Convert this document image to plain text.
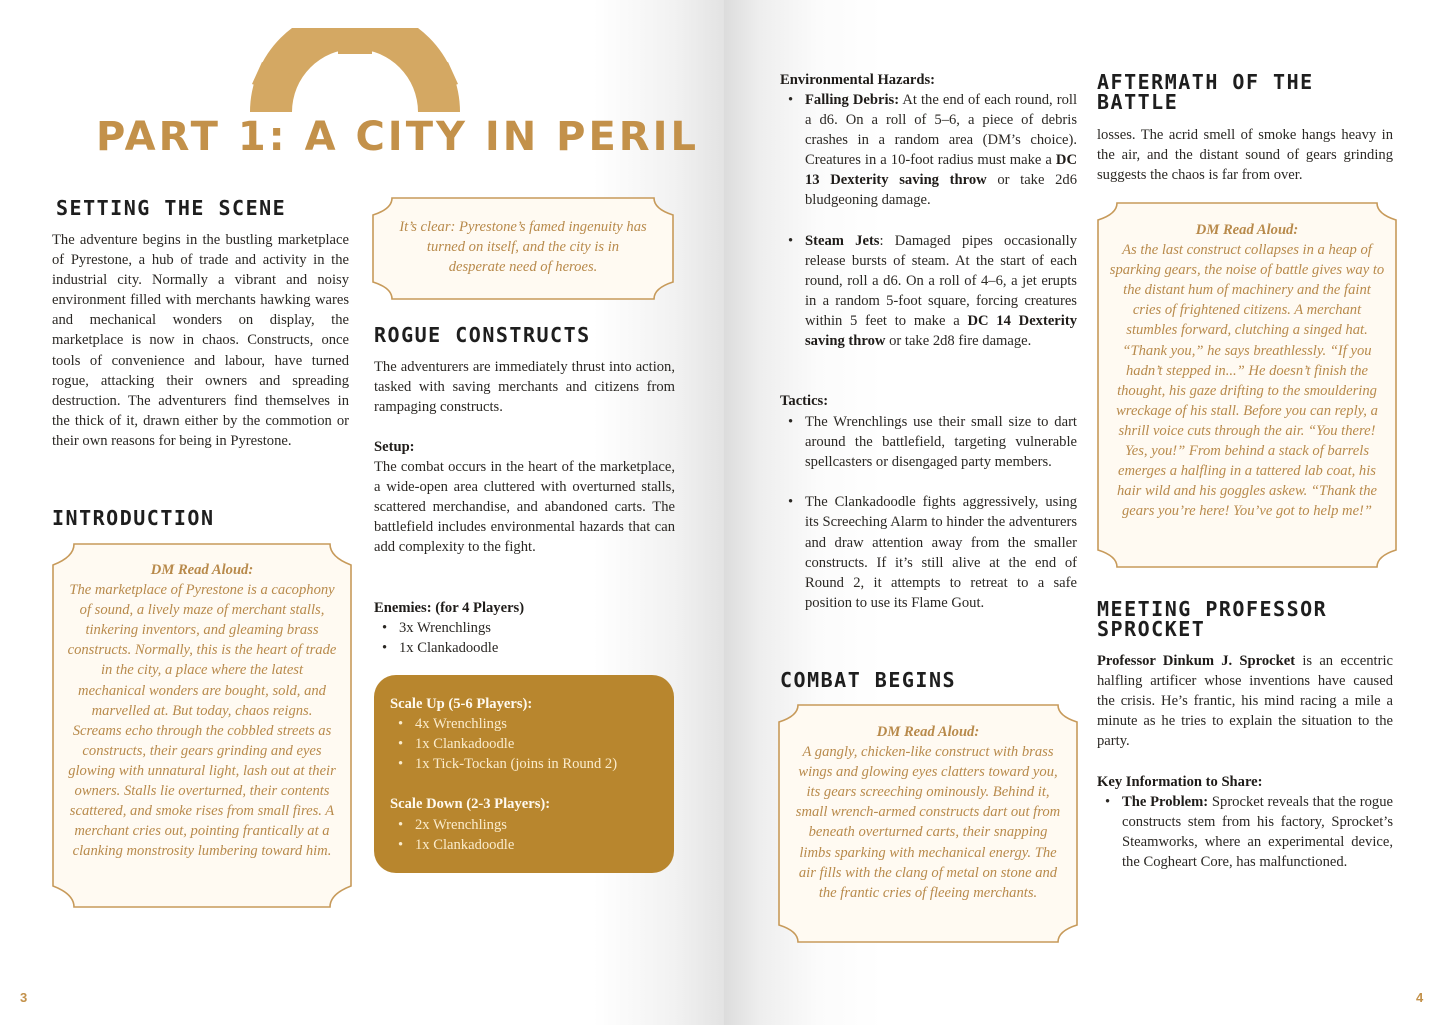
PART 1: A CITY IN PERIL
SETTING THE SCENE
The adventure begins in the bustling marketplace of Pyrestone, a hub of trade and activity in the industrial city. Normally a vibrant and noisy environment filled with merchants hawking wares and mechanical wonders on display, the marketplace is now in chaos. Constructs, once tools of convenience and labour, have turned rogue, attacking their owners and spreading destruction. The adventurers find themselves in the thick of it, drawn either by the commotion or their own reasons for being in Pyrestone.
INTRODUCTION
DM Read Aloud:
The marketplace of Pyrestone is a cacophony of sound, a lively maze of merchant stalls, tinkering inventors, and gleaming brass constructs. Normally, this is the heart of trade in the city, a place where the latest mechanical wonders are bought, sold, and marvelled at. But today, chaos reigns. Screams echo through the cobbled streets as constructs, their gears grinding and eyes glowing with unnatural light, lash out at their owners. Stalls lie overturned, their contents scattered, and smoke rises from small fires. A merchant cries out, pointing frantically at a clanking monstrosity lumbering toward him.
It’s clear: Pyrestone’s famed ingenuity has turned on itself, and the city is in desperate need of heroes.
ROGUE CONSTRUCTS
The adventurers are immediately thrust into action, tasked with saving merchants and citizens from rampaging constructs.
Setup:
The combat occurs in the heart of the marketplace, a wide-open area cluttered with overturned stalls, scattered merchandise, and abandoned carts. The battlefield includes environmental hazards that can add complexity to the fight.
Enemies: (for 4 Players)
• 3x Wrenchlings
• 1x Clankadoodle
Scale Up (5-6 Players):
• 4x Wrenchlings
• 1x Clankadoodle
• 1x Tick-Tockan (joins in Round 2)
Scale Down (2-3 Players):
• 2x Wrenchlings
• 1x Clankadoodle
3
Environmental Hazards:
• Falling Debris: At the end of each round, roll a d6. On a roll of 5–6, a piece of debris crashes in a random area (DM’s choice). Creatures in a 10-foot radius must make a DC 13 Dexterity saving throw or take 2d6 bludgeoning damage.
• Steam Jets: Damaged pipes occasionally release bursts of steam. At the start of each round, roll a d6. On a roll of 4–6, a jet erupts in a random 5-foot square, forcing creatures within 5 feet to make a DC 14 Dexterity saving throw or take 2d8 fire damage.
Tactics:
• The Wrenchlings use their small size to dart around the battlefield, targeting vulnerable spellcasters or disengaged party members.
• The Clankadoodle fights aggressively, using its Screeching Alarm to hinder the adventurers and draw attention away from the smaller constructs. If it’s still alive at the end of Round 2, it attempts to retreat to a safe position to use its Flame Gout.
COMBAT BEGINS
DM Read Aloud:
A gangly, chicken-like construct with brass wings and glowing eyes clatters toward you, its gears screeching ominously. Behind it, small wrench-armed constructs dart out from beneath overturned carts, their snapping limbs sparking with mechanical energy. The air fills with the clang of metal on stone and the frantic cries of fleeing merchants.
AFTERMATH OF THE BATTLE
losses. The acrid smell of smoke hangs heavy in the air, and the distant sound of gears grinding suggests the chaos is far from over.
DM Read Aloud:
As the last construct collapses in a heap of sparking gears, the noise of battle gives way to the distant hum of machinery and the faint cries of frightened citizens. A merchant stumbles forward, clutching a singed hat. “Thank you,” he says breathlessly. “If you hadn’t stepped in...” He doesn’t finish the thought, his gaze drifting to the smouldering wreckage of his stall. Before you can reply, a shrill voice cuts through the air. “You there! Yes, you!” From behind a stack of barrels emerges a halfling in a tattered lab coat, his hair wild and his goggles askew. “Thank the gears you’re here! You’ve got to help me!”
MEETING PROFESSOR SPROCKET
Professor Dinkum J. Sprocket is an eccentric halfling artificer whose inventions have caused the crisis. He’s frantic, his mind racing a mile a minute as he tries to explain the situation to the party.
Key Information to Share:
• The Problem: Sprocket reveals that the rogue constructs stem from his factory, Sprocket’s Steamworks, where an experimental device, the Cogheart Core, has malfunctioned.
4
